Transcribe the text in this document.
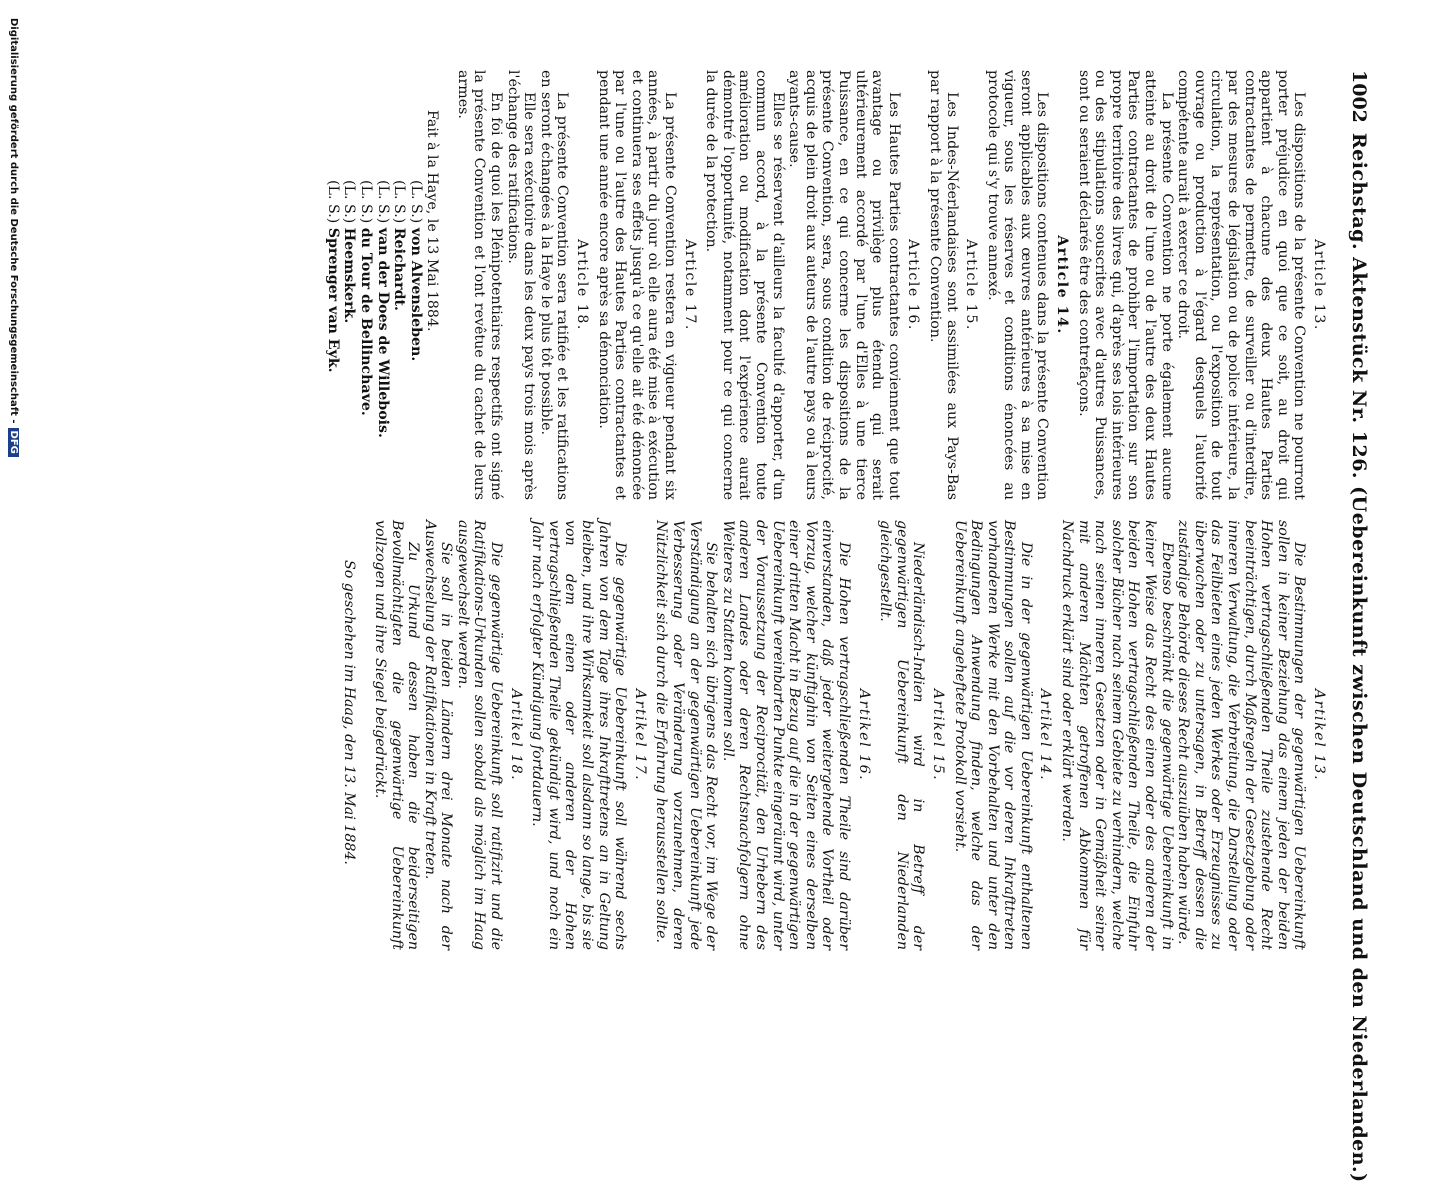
1002
Reichstag. Aktenstück Nr. 126. (Uebereinkunft zwischen Deutschland und den Niederlanden.)
Article 13.

Les dispositions de la présente Convention ne pourront porter préjudice en quoi que ce soit, au droit qui appartient à chacune des deux Hautes Parties contractantes de permettre, de surveiller ou d'interdire, par des mesures de législation ou de police intérieure, la circulation, la représentation, ou l'exposition de tout ouvrage ou production à l'égard desquels l'autorité compétente aurait à exercer ce droit.

La présente Convention ne porte également aucune atteinte au droit de l'une ou de l'autre des deux Hautes Parties contractantes de prohiber l'importation sur son propre territoire des livres qui, d'après ses lois intérieures ou des stipulations souscrites avec d'autres Puissances, sont ou seraient déclarés être des contrefaçons.

Article 14.

Les dispositions contenues dans la présente Convention seront applicables aux œuvres antérieures à sa mise en vigueur, sous les réserves et conditions énoncées au protocole qui s'y trouve annexé.

Article 15.

Les Indes-Néerlandaises sont assimilées aux Pays-Bas par rapport à la présente Convention.

Article 16.

Les Hautes Parties contractantes conviennent que tout avantage ou privilège plus étendu qui serait ultérieurement accordé par l'une d'Elles à une tierce Puissance, en ce qui concerne les dispositions de la présente Convention, sera, sous condition de réciprocité, acquis de plein droit aux auteurs de l'autre pays ou à leurs ayants-cause.

Elles se réservent d'ailleurs la faculté d'apporter, d'un commun accord, à la présente Convention toute amélioration ou modification dont l'expérience aurait démontré l'opportunité, notamment pour ce qui concerne la durée de la protection.

Article 17.

La présente Convention restera en vigueur pendant six années, à partir du jour où elle aura été mise à exécution et continuera ses effets jusqu'à ce qu'elle ait été dénoncée par l'une ou l'autre des Hautes Parties contractantes et pendant une année encore après sa dénonciation.

Article 18.

La présente Convention sera ratifiée et les ratifications en seront échangées à la Haye le plus tôt possible.

Elle sera exécutoire dans les deux pays trois mois après l'échange des ratifications.

En foi de quoi les Plénipotentiaires respectifs ont signé la présente Convention et l'ont revêtue du cachet de leurs armes.

Fait à la Haye, le 13 Mai 1884.

(L. S.) von Alvensleben.
(L. S.) Reichardt.
(L. S.) van der Does de Willebois.
(L. S.) du Tour de Bellinchave.
(L. S.) Heemskerk.
(L. S.) Sprenger van Eyk.
Artikel 13.

Die Bestimmungen der gegenwärtigen Uebereinkunft sollen in keiner Beziehung das einem jeden der beiden Hohen vertragschließenden Theile zustehende Recht beeinträchtigen, durch Maßregeln der Gesetzgebung oder inneren Verwaltung, die Verbreitung, die Darstellung oder das Feilbieten eines jeden Werkes oder Erzeugnisses zu überwachen oder zu untersagen, in Betreff dessen die zuständige Behörde dieses Recht auszuüben haben würde.

Ebenso beschränkt die gegenwärtige Uebereinkunft in keiner Weise das Recht des einen oder des anderen der beiden Hohen vertragschließenden Theile, die Einfuhr solcher Bücher nach seinem Gebiete zu verhindern, welche nach seinen inneren Gesetzen oder in Gemäßheit seiner mit anderen Mächten getroffenen Abkommen für Nachdruck erklärt sind oder erklärt werden.

Artikel 14.

Die in der gegenwärtigen Uebereinkunft enthaltenen Bestimmungen sollen auf die vor deren Inkrafttreten vorhandenen Werke mit den Vorbehalten und unter den Bedingungen Anwendung finden, welche das der Uebereinkunft angeheftete Protokoll vorsieht.

Artikel 15.

Niederländisch-Indien wird in Betreff der gegenwärtigen Uebereinkunft den Niederlanden gleichgestellt.

Artikel 16.

Die Hohen vertragschließenden Theile sind darüber einverstanden, daß jeder weitergehende Vortheil oder Vorzug, welcher künftighin von Seiten eines derselben einer dritten Macht in Bezug auf die in der gegenwärtigen Uebereinkunft vereinbarten Punkte eingeräumt wird, unter der Voraussetzung der Reciprocität, den Urhebern des anderen Landes oder deren Rechtsnachfolgern ohne Weiteres zu Statten kommen soll.

Sie behalten sich übrigens das Recht vor, im Wege der Verständigung an der gegenwärtigen Uebereinkunft jede Verbesserung oder Veränderung vorzunehmen, deren Nützlichkeit sich durch die Erfahrung herausstellen sollte.

Artikel 17.

Die gegenwärtige Uebereinkunft soll während sechs Jahren von dem Tage ihres Inkrafttretens an in Geltung bleiben, und ihre Wirksamkeit soll alsdann so lange, bis sie von dem einen oder anderen der Hohen vertragschließenden Theile gekündigt wird, und noch ein Jahr nach erfolgter Kündigung fortdauern.

Artikel 18.

Die gegenwärtige Uebereinkunft soll ratifizirt und die Ratifikations-Urkunden sollen sobald als möglich im Haag ausgewechselt werden.

Sie soll in beiden Ländern drei Monate nach der Auswechselung der Ratifikationen in Kraft treten.

Zu Urkund dessen haben die beiderseitigen Bevollmächtigten die gegenwärtige Uebereinkunft vollzogen und ihre Siegel beigedrückt.

So geschehen im Haag, den 13. Mai 1884.

Digitalisierung gefördert durch die Deutsche Forschungsgemeinschaft -DFG
